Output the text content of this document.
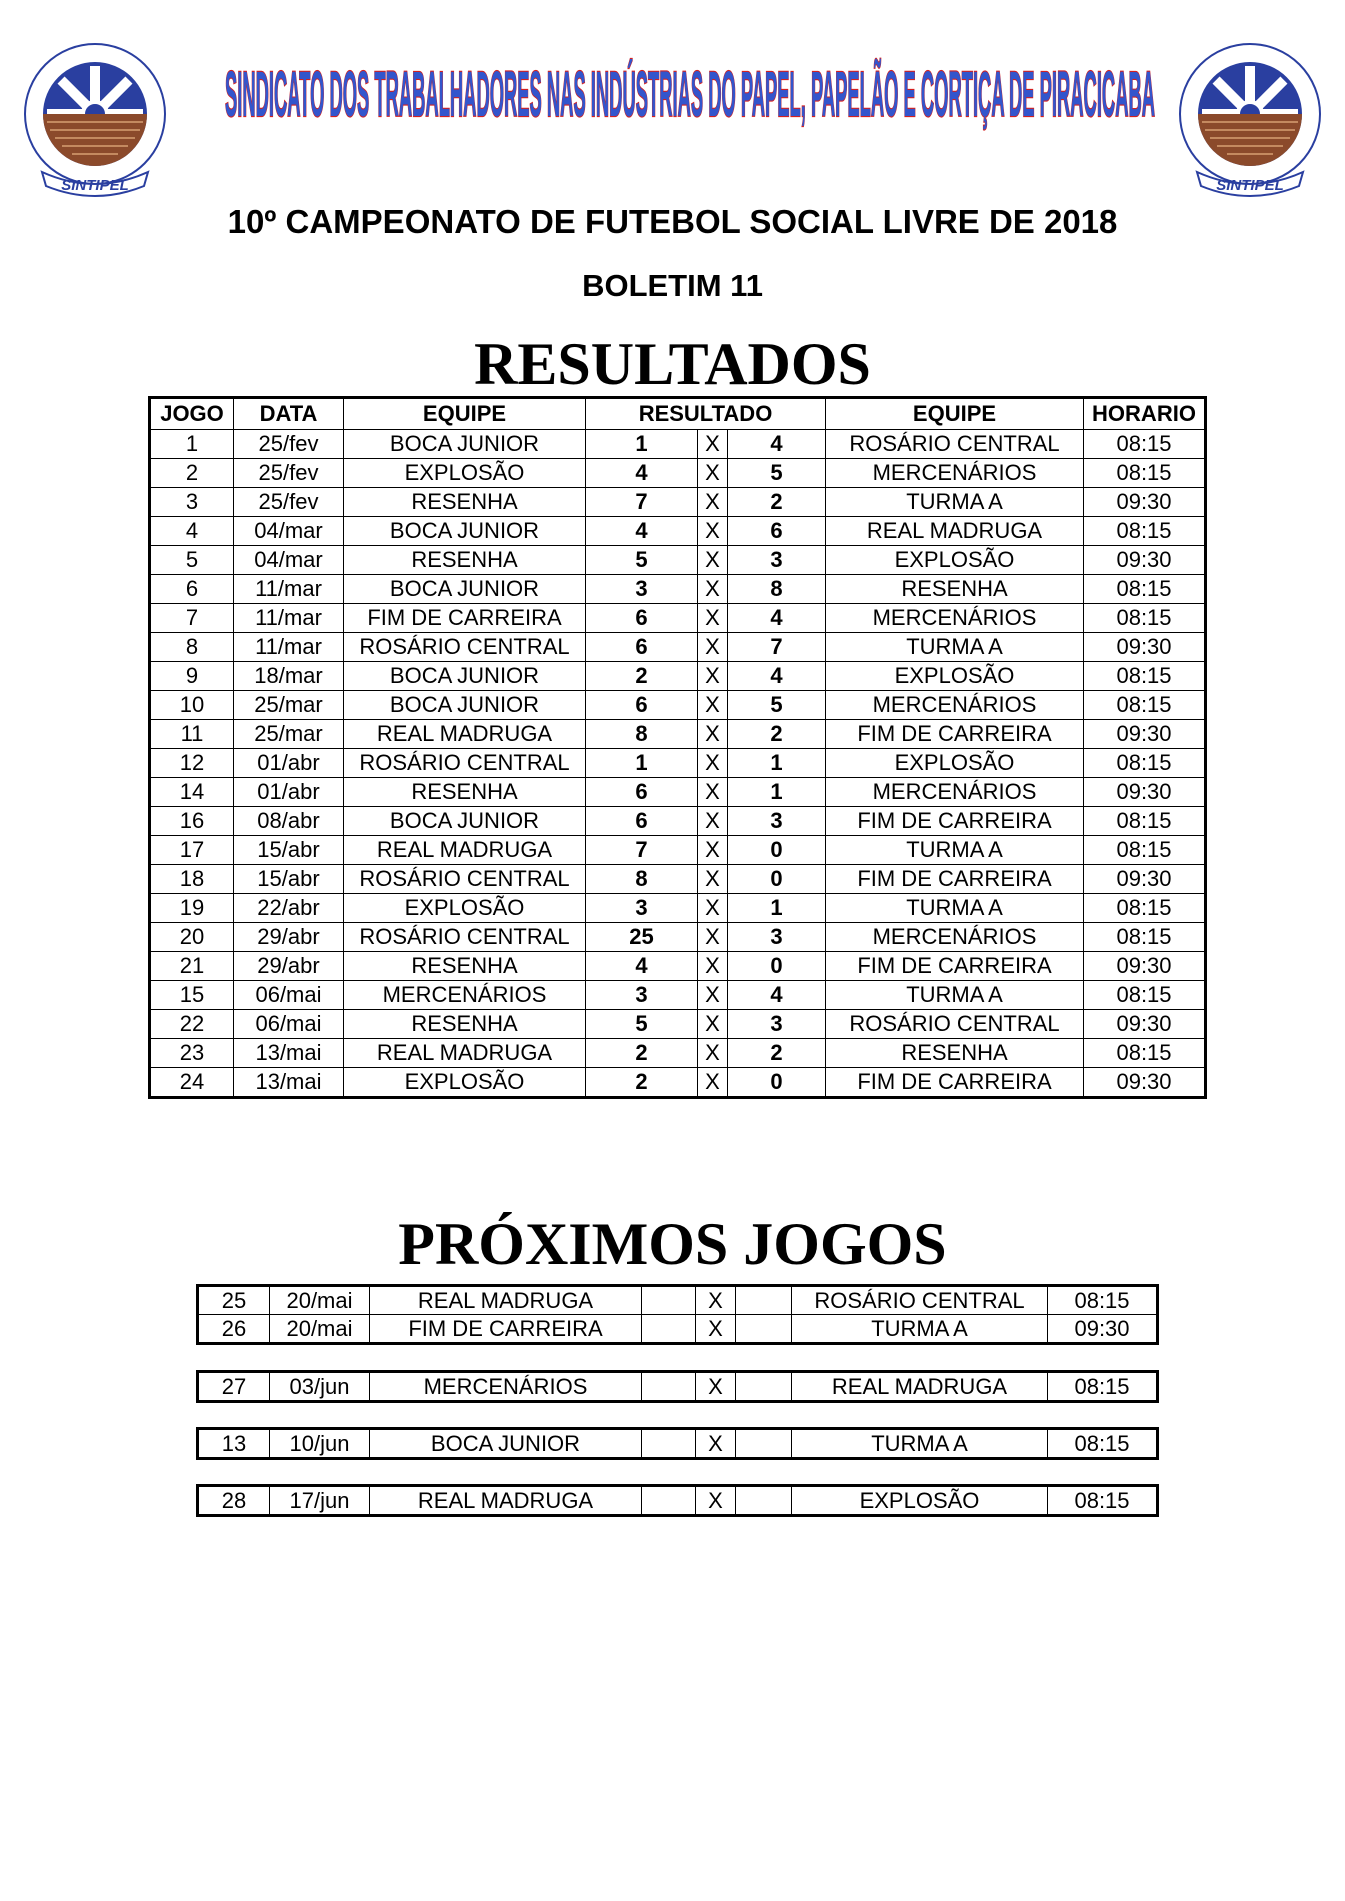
SINTIPEL	SINTIPEL
SINDICATO DOS TRABALHADORES NAS INDÚSTRIAS DO PAPEL, PAPELÃO E CORTIÇA DE PIRACICABA
10º CAMPEONATO DE FUTEBOL SOCIAL LIVRE DE 2018
BOLETIM 11
RESULTADOS
JOGO	DATA	EQUIPE	RESULTADO			EQUIPE	HORARIO
1	25/fev	BOCA JUNIOR	1	X	4	ROSÁRIO CENTRAL	08:15
2	25/fev	EXPLOSÃO	4	X	5	MERCENÁRIOS	08:15
3	25/fev	RESENHA	7	X	2	TURMA A	09:30
4	04/mar	BOCA JUNIOR	4	X	6	REAL MADRUGA	08:15
5	04/mar	RESENHA	5	X	3	EXPLOSÃO	09:30
6	11/mar	BOCA JUNIOR	3	X	8	RESENHA	08:15
7	11/mar	FIM DE CARREIRA	6	X	4	MERCENÁRIOS	08:15
8	11/mar	ROSÁRIO CENTRAL	6	X	7	TURMA A	09:30
9	18/mar	BOCA JUNIOR	2	X	4	EXPLOSÃO	08:15
10	25/mar	BOCA JUNIOR	6	X	5	MERCENÁRIOS	08:15
11	25/mar	REAL MADRUGA	8	X	2	FIM DE CARREIRA	09:30
12	01/abr	ROSÁRIO CENTRAL	1	X	1	EXPLOSÃO	08:15
14	01/abr	RESENHA	6	X	1	MERCENÁRIOS	09:30
16	08/abr	BOCA JUNIOR	6	X	3	FIM DE CARREIRA	08:15
17	15/abr	REAL MADRUGA	7	X	0	TURMA A	08:15
18	15/abr	ROSÁRIO CENTRAL	8	X	0	FIM DE CARREIRA	09:30
19	22/abr	EXPLOSÃO	3	X	1	TURMA A	08:15
20	29/abr	ROSÁRIO CENTRAL	25	X	3	MERCENÁRIOS	08:15
21	29/abr	RESENHA	4	X	0	FIM DE CARREIRA	09:30
15	06/mai	MERCENÁRIOS	3	X	4	TURMA A	08:15
22	06/mai	RESENHA	5	X	3	ROSÁRIO CENTRAL	09:30
23	13/mai	REAL MADRUGA	2	X	2	RESENHA	08:15
24	13/mai	EXPLOSÃO	2	X	0	FIM DE CARREIRA	09:30
PRÓXIMOS JOGOS
25	20/mai	REAL MADRUGA		X		ROSÁRIO CENTRAL	08:15
26	20/mai	FIM DE CARREIRA		X		TURMA A	09:30
27	03/jun	MERCENÁRIOS		X		REAL MADRUGA	08:15
13	10/jun	BOCA JUNIOR		X		TURMA A	08:15
28	17/jun	REAL MADRUGA		X		EXPLOSÃO	08:15
